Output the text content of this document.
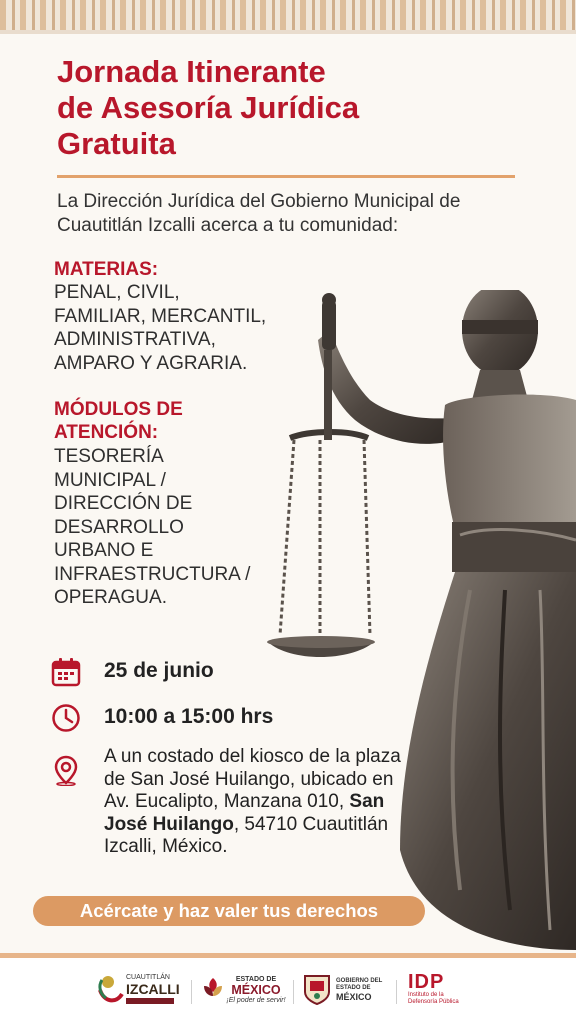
Jornada Itinerante
de Asesoría Jurídica
Gratuita
La Dirección Jurídica del Gobierno Municipal de Cuautitlán Izcalli acerca a tu comunidad:
MATERIAS:
PENAL, CIVIL,
FAMILIAR, MERCANTIL,
ADMINISTRATIVA,
AMPARO Y AGRARIA.
MÓDULOS DE
ATENCIÓN:
TESORERÍA
MUNICIPAL /
DIRECCIÓN DE
DESARROLLO
URBANO E
INFRAESTRUCTURA /
OPERAGUA.
25 de junio
10:00 a 15:00 hrs
A un costado del kiosco de la plaza de San José Huilango, ubicado en Av. Eucalipto, Manzana 010, San José Huilango, 54710 Cuautitlán Izcalli, México.
Acércate y haz valer tus derechos
CUAUTITLÁN
IZCALLI
ESTADO DE
MÉXICO
¡El poder de servir!
GOBIERNO DEL
ESTADO DE
MÉXICO
IDP
Instituto de la
Defensoría Pública
